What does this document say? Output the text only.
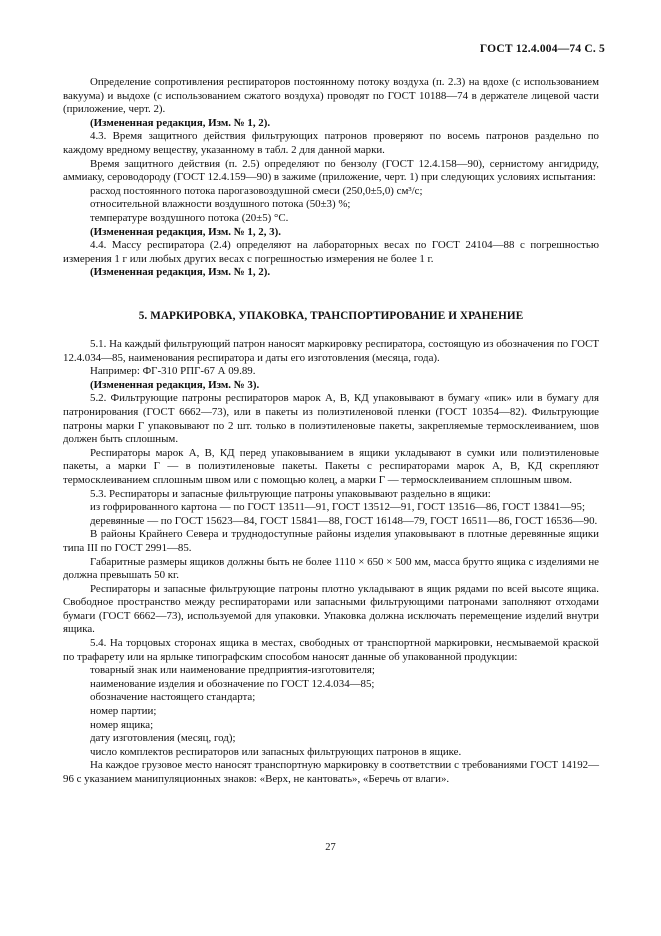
ГОСТ 12.4.004—74 С. 5

Определение сопротивления респираторов постоянному потоку воздуха (п. 2.3) на вдохе (с использованием вакуума) и выдохе (с использованием сжатого воздуха) проводят по ГОСТ 10188—74 в держателе лицевой части (приложение, черт. 2).

(Измененная редакция, Изм. № 1, 2).

4.3. Время защитного действия фильтрующих патронов проверяют по восемь патронов раздельно по каждому вредному веществу, указанному в табл. 2 для данной марки.

Время защитного действия (п. 2.5) определяют по бензолу (ГОСТ 12.4.158—90), сернистому ангидриду, аммиаку, сероводороду (ГОСТ 12.4.159—90) в зажиме (приложение, черт. 1) при следующих условиях испытания:

расход постоянного потока парогазовоздушной смеси (250,0±5,0) см³/с;

относительной влажности воздушного потока (50±3) %;

температуре воздушного потока (20±5) °С.

(Измененная редакция, Изм. № 1, 2, 3).

4.4. Массу респиратора (2.4) определяют на лабораторных весах по ГОСТ 24104—88 с погрешностью измерения 1 г или любых других весах с погрешностью измерения не более 1 г.

(Измененная редакция, Изм. № 1, 2).

5. МАРКИРОВКА, УПАКОВКА, ТРАНСПОРТИРОВАНИЕ И ХРАНЕНИЕ

5.1. На каждый фильтрующий патрон наносят маркировку респиратора, состоящую из обозначения по ГОСТ 12.4.034—85, наименования респиратора и даты его изготовления (месяца, года).

Например: ФГ-310 РПГ-67 А 09.89.

(Измененная редакция, Изм. № 3).

5.2. Фильтрующие патроны респираторов марок А, В, КД упаковывают в бумагу «пик» или в бумагу для патронирования (ГОСТ 6662—73), или в пакеты из полиэтиленовой пленки (ГОСТ 10354—82). Фильтрующие патроны марки Г упаковывают по 2 шт. только в полиэтиленовые пакеты, закрепляемые термосклеиванием, шов должен быть сплошным.

Респираторы марок А, В, КД перед упаковыванием в ящики укладывают в сумки или полиэтиленовые пакеты, а марки Г — в полиэтиленовые пакеты. Пакеты с респираторами марок А, В, КД скрепляют термосклеиванием сплошным швом или с помощью колец, а марки Г — термосклеиванием сплошным швом.

5.3. Респираторы и запасные фильтрующие патроны упаковывают раздельно в ящики:

из гофрированного картона — по ГОСТ 13511—91, ГОСТ 13512—91, ГОСТ 13516—86, ГОСТ 13841—95;

деревянные — по ГОСТ 15623—84, ГОСТ 15841—88, ГОСТ 16148—79, ГОСТ 16511—86, ГОСТ 16536—90.

В районы Крайнего Севера и труднодоступные районы изделия упаковывают в плотные деревянные ящики типа III по ГОСТ 2991—85.

Габаритные размеры ящиков должны быть не более 1110 × 650 × 500 мм, масса брутто ящика с изделиями не должна превышать 50 кг.

Респираторы и запасные фильтрующие патроны плотно укладывают в ящик рядами по всей высоте ящика. Свободное пространство между респираторами или запасными фильтрующими патронами заполняют отходами бумаги (ГОСТ 6662—73), используемой для упаковки. Упаковка должна исключать перемещение изделий внутри ящика.

5.4. На торцовых сторонах ящика в местах, свободных от транспортной маркировки, несмываемой краской по трафарету или на ярлыке типографским способом наносят данные об упакованной продукции:

товарный знак или наименование предприятия-изготовителя;

наименование изделия и обозначение по ГОСТ 12.4.034—85;

обозначение настоящего стандарта;

номер партии;

номер ящика;

дату изготовления (месяц, год);

число комплектов респираторов или запасных фильтрующих патронов в ящике.

На каждое грузовое место наносят транспортную маркировку в соответствии с требованиями ГОСТ 14192—96 с указанием манипуляционных знаков: «Верх, не кантовать», «Беречь от влаги».

27
